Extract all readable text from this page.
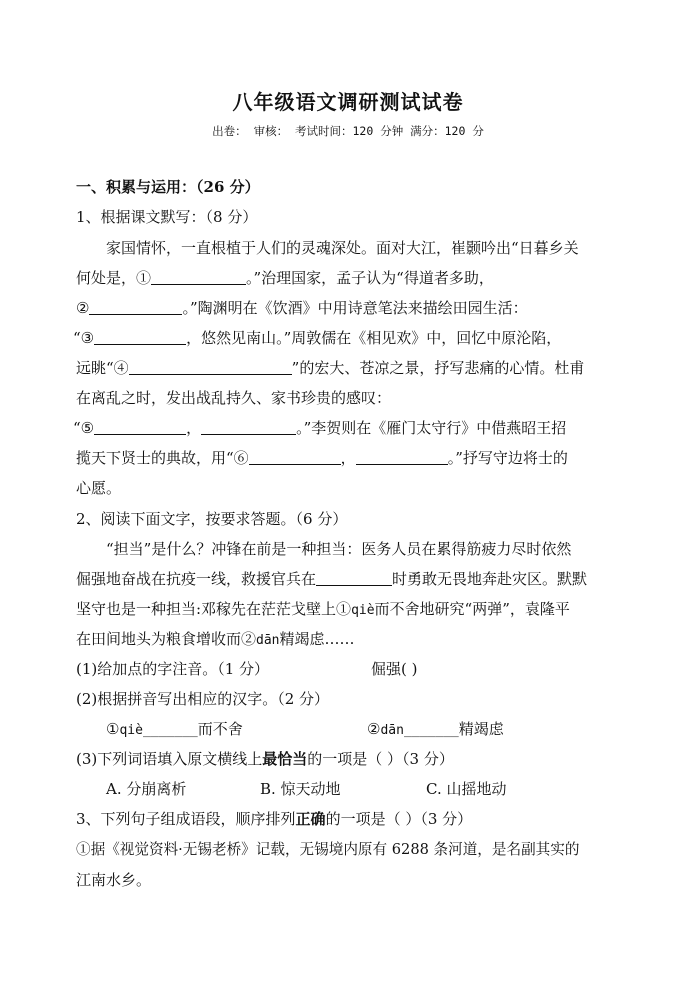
八年级语文调研测试试卷
出卷： 审核： 考试时间：120 分钟 满分：120 分
一、积累与运用：（26 分）
1、根据课文默写：（8 分）
家国情怀，一直根植于人们的灵魂深处。面对大江，崔颢吟出“日暮乡关
何处是，①	。”治理国家，孟子认为“得道者多助，
②	。”陶渊明在《饮酒》中用诗意笔法来描绘田园生活：
“③	，悠然见南山。”周敦儒在《相见欢》中，回忆中原沦陷，
远眺“④	”的宏大、苍凉之景，抒写悲痛的心情。杜甫
在离乱之时，发出战乱持久、家书珍贵的感叹：
“⑤	，	。”李贺则在《雁门太守行》中借燕昭王招
揽天下贤士的典故，用“⑥	，	。”抒写守边将士的
心愿。
2、阅读下面文字，按要求答题。（6 分）
“担当”是什么？冲锋在前是一种担当：医务人员在累得筋疲力尽时依然
倔强地奋战在抗疫一线，救援官兵在	时勇敢无畏地奔赴灾区。默默
坚守也是一种担当:邓稼先在茫茫戈壁上①qiè而不舍地研究“两弹”，袁隆平
在田间地头为粮食增收而②dān精竭虑……
(1)给加点的字注音。（1 分）	倔强( )
(2)根据拼音写出相应的汉字。（2 分）
①qiè_______而不舍	②dān_______精竭虑
(3)下列词语填入原文横线上最恰当的一项是（ ）（3 分）
A. 分崩离析	B. 惊天动地	C. 山摇地动
3、下列句子组成语段，顺序排列正确的一项是（ ）（3 分）
①据《视觉资料·无锡老桥》记载，无锡境内原有 6288 条河道，是名副其实的
江南水乡。
